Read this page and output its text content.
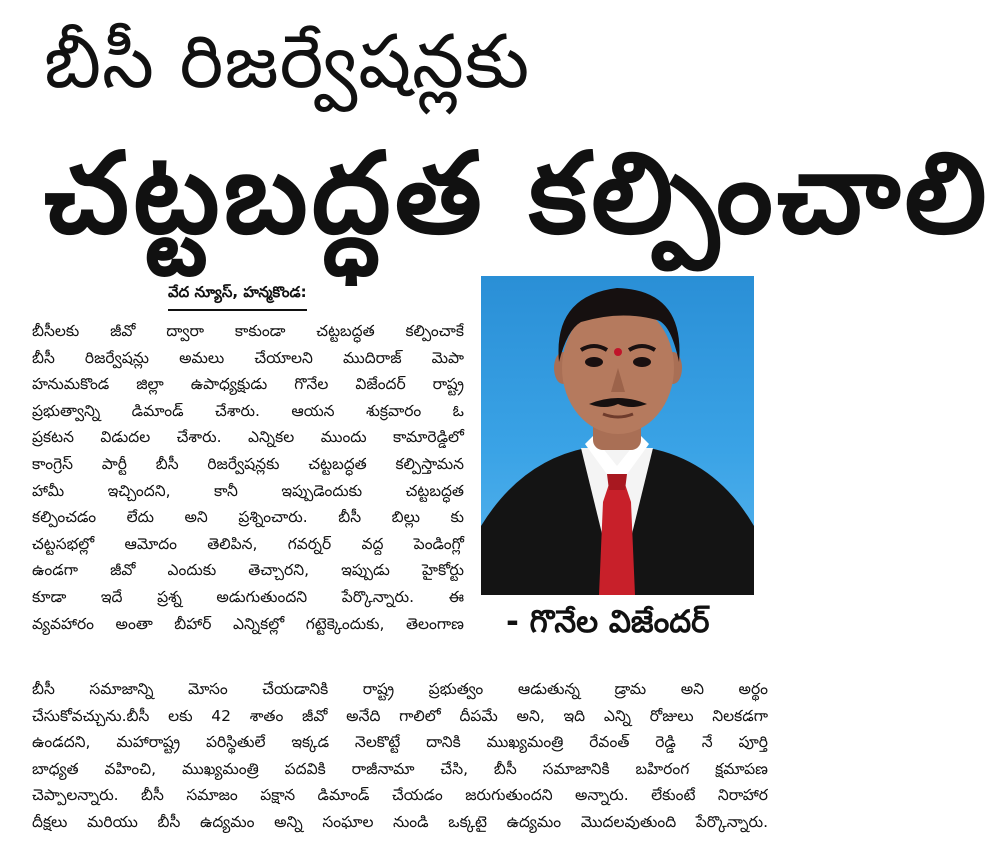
బీసీ రిజర్వేషన్లకు
చట్టబద్ధత కల్పించాలి
వేద న్యూస్, హన్మకొండ:

బీసీలకు జీవో ద్వారా కాకుండా చట్టబద్ధత కల్పించాకే

బీసీ రిజర్వేషన్లు అమలు చేయాలని ముదిరాజ్ మెపా

హనుమకొండ జిల్లా ఉపాధ్యక్షుడు గొనేల విజేందర్ రాష్ట్ర

ప్రభుత్వాన్ని డిమాండ్ చేశారు. ఆయన శుక్రవారం ఓ

ప్రకటన విడుదల చేశారు. ఎన్నికల ముందు కామారెడ్డిలో

కాంగ్రెస్ పార్టీ బీసీ రిజర్వేషన్లకు చట్టబద్ధత కల్పిస్తామన

హామీ ఇచ్చిందని, కానీ ఇప్పుడెందుకు చట్టబద్ధత

కల్పించడం లేదు అని ప్రశ్నించారు. బీసీ బిల్లు కు

చట్టసభల్లో ఆమోదం తెలిపిన, గవర్నర్ వద్ద పెండింగ్లో

ఉండగా జీవో ఎందుకు తెచ్చారని, ఇప్పుడు హైకోర్టు

కూడా ఇదే ప్రశ్న అడుగుతుందని పేర్కొన్నారు. ఈ

వ్యవహారం అంతా బీహార్ ఎన్నికల్లో గట్టెక్కెందుకు, తెలంగాణ - గొనేల విజేందర్

బీసీ సమాజాన్ని మోసం చేయడానికి రాష్ట్ర ప్రభుత్వం ఆడుతున్న డ్రామ అని అర్థం

చేసుకోవచ్చును.బీసీ లకు 42 శాతం జీవో అనేది గాలిలో దీపమే అని, ఇది ఎన్ని రోజులు నిలకడగా

ఉండదని, మహారాష్ట్ర పరిస్థితులే ఇక్కడ నెలకొట్టే దానికి ముఖ్యమంత్రి రేవంత్ రెడ్డి నే పూర్తి

బాధ్యత వహించి, ముఖ్యమంత్రి పదవికి రాజీనామా చేసి, బీసీ సమాజానికి బహిరంగ క్షమాపణ

చెప్పాలన్నారు. బీసీ సమాజం పక్షాన డిమాండ్ చేయడం జరుగుతుందని అన్నారు. లేకుంటే నిరాహార

దీక్షలు మరియు బీసీ ఉద్యమం అన్ని సంఘాల నుండి ఒక్కటై ఉద్యమం మొదలవుతుంది పేర్కొన్నారు.
